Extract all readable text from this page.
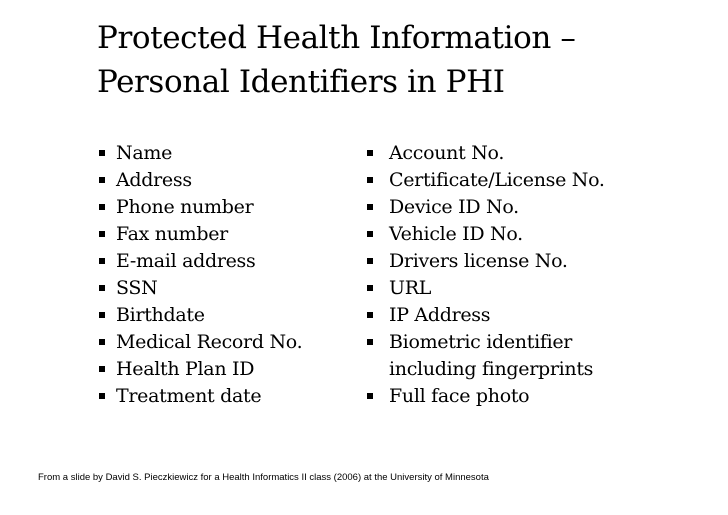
Protected Health Information –
Personal Identifiers in PHI
Name
Address
Phone number
Fax number
E-mail address
SSN
Birthdate
Medical Record No.
Health Plan ID
Treatment date
Account No.
Certificate/License No.
Device ID No.
Vehicle ID No.
Drivers license No.
URL
IP Address
Biometric identifier
including fingerprints
Full face photo
From a slide by David S. Pieczkiewicz for a Health Informatics II class (2006) at the University of Minnesota
